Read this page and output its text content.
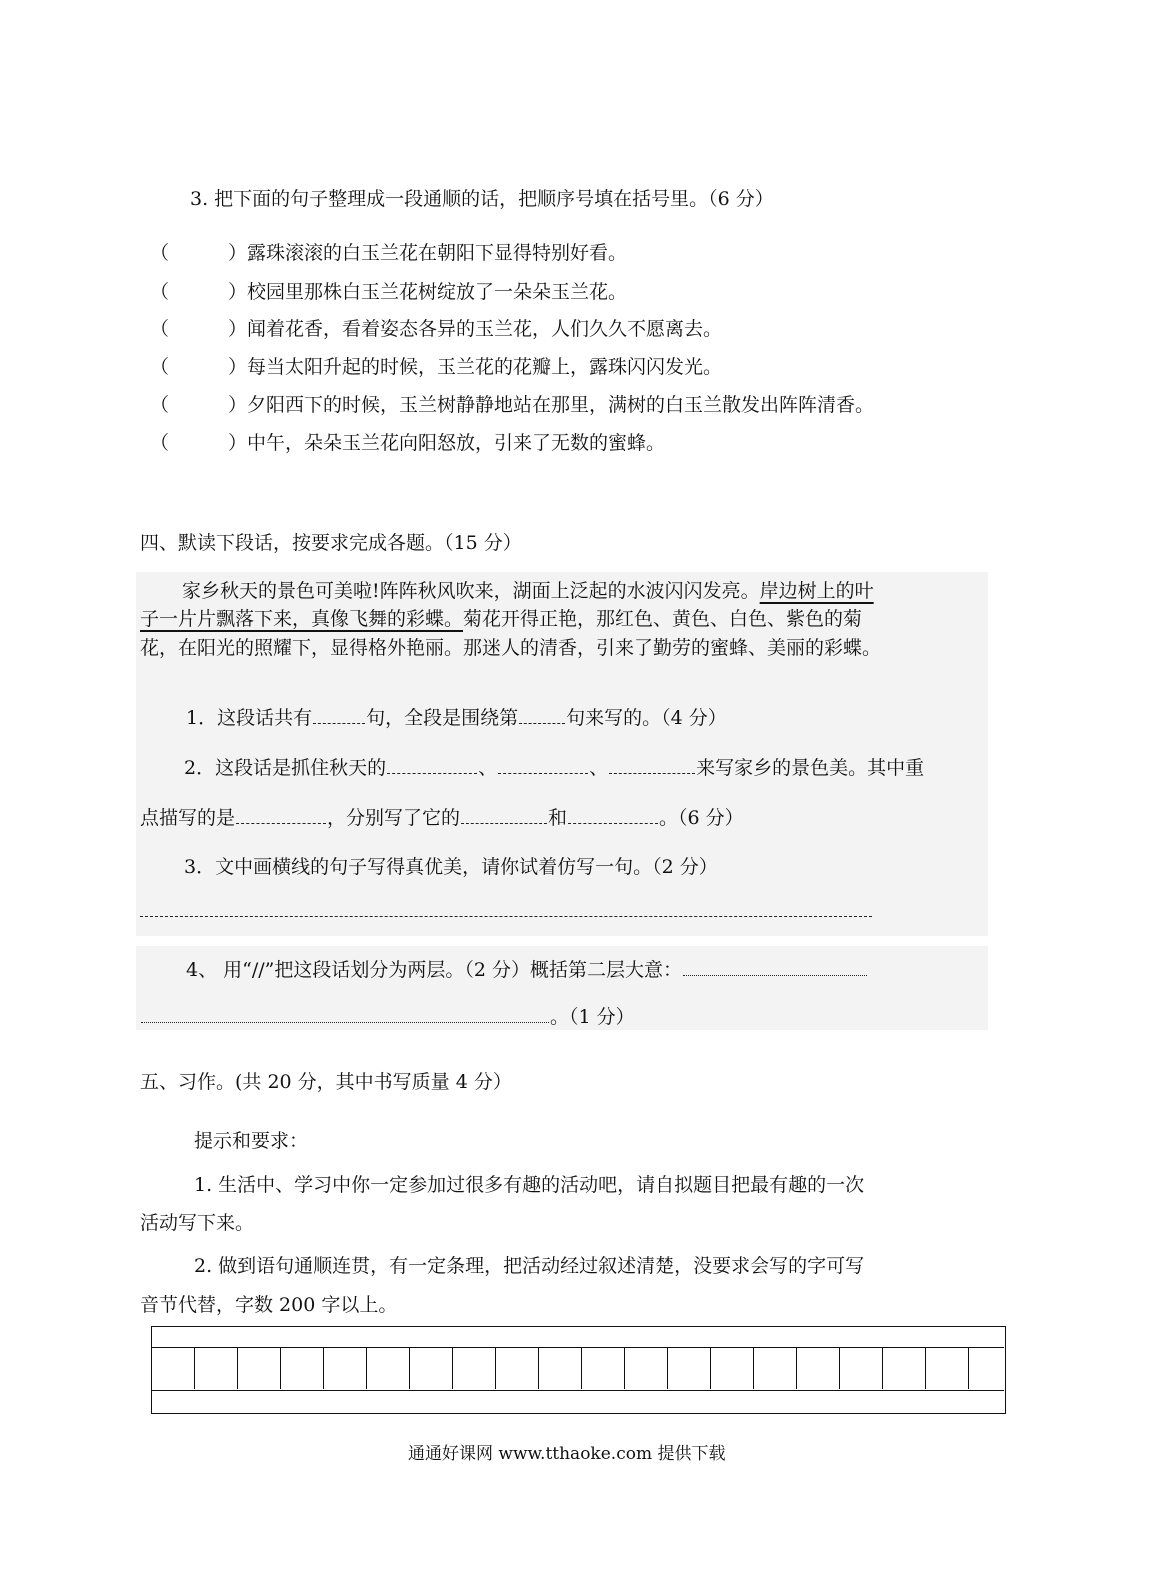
3. 把下面的句子整理成一段通顺的话，把顺序号填在括号里。（6 分）
（	）露珠滚滚的白玉兰花在朝阳下显得特别好看。
（	）校园里那株白玉兰花树绽放了一朵朵玉兰花。
（	）闻着花香，看着姿态各异的玉兰花，人们久久不愿离去。
（	）每当太阳升起的时候，玉兰花的花瓣上，露珠闪闪发光。
（	）夕阳西下的时候，玉兰树静静地站在那里，满树的白玉兰散发出阵阵清香。
（	）中午，朵朵玉兰花向阳怒放，引来了无数的蜜蜂。
四、默读下段话，按要求完成各题。（15 分）
家乡秋天的景色可美啦!阵阵秋风吹来，湖面上泛起的水波闪闪发亮。岸边树上的叶
子一片片飘落下来，真像飞舞的彩蝶。菊花开得正艳，那红色、黄色、白色、紫色的菊
花，在阳光的照耀下，显得格外艳丽。那迷人的清香，引来了勤劳的蜜蜂、美丽的彩蝶。
1．这段话共有	句，全段是围绕第	句来写的。（4 分）
2．这段话是抓住秋天的	、	、	来写家乡的景色美。其中重
点描写的是	，分别写了它的	和	。（6 分）
3．文中画横线的句子写得真优美，请你试着仿写一句。（2 分）
4、 用“//”把这段话划分为两层。（2 分）概括第二层大意：
。（1 分）
五、习作。(共 20 分，其中书写质量 4 分）
提示和要求：
1. 生活中、学习中你一定参加过很多有趣的活动吧，请自拟题目把最有趣的一次
活动写下来。
2. 做到语句通顺连贯，有一定条理，把活动经过叙述清楚，没要求会写的字可写
音节代替，字数 200 字以上。
通通好课网 www.tthaoke.com 提供下载
